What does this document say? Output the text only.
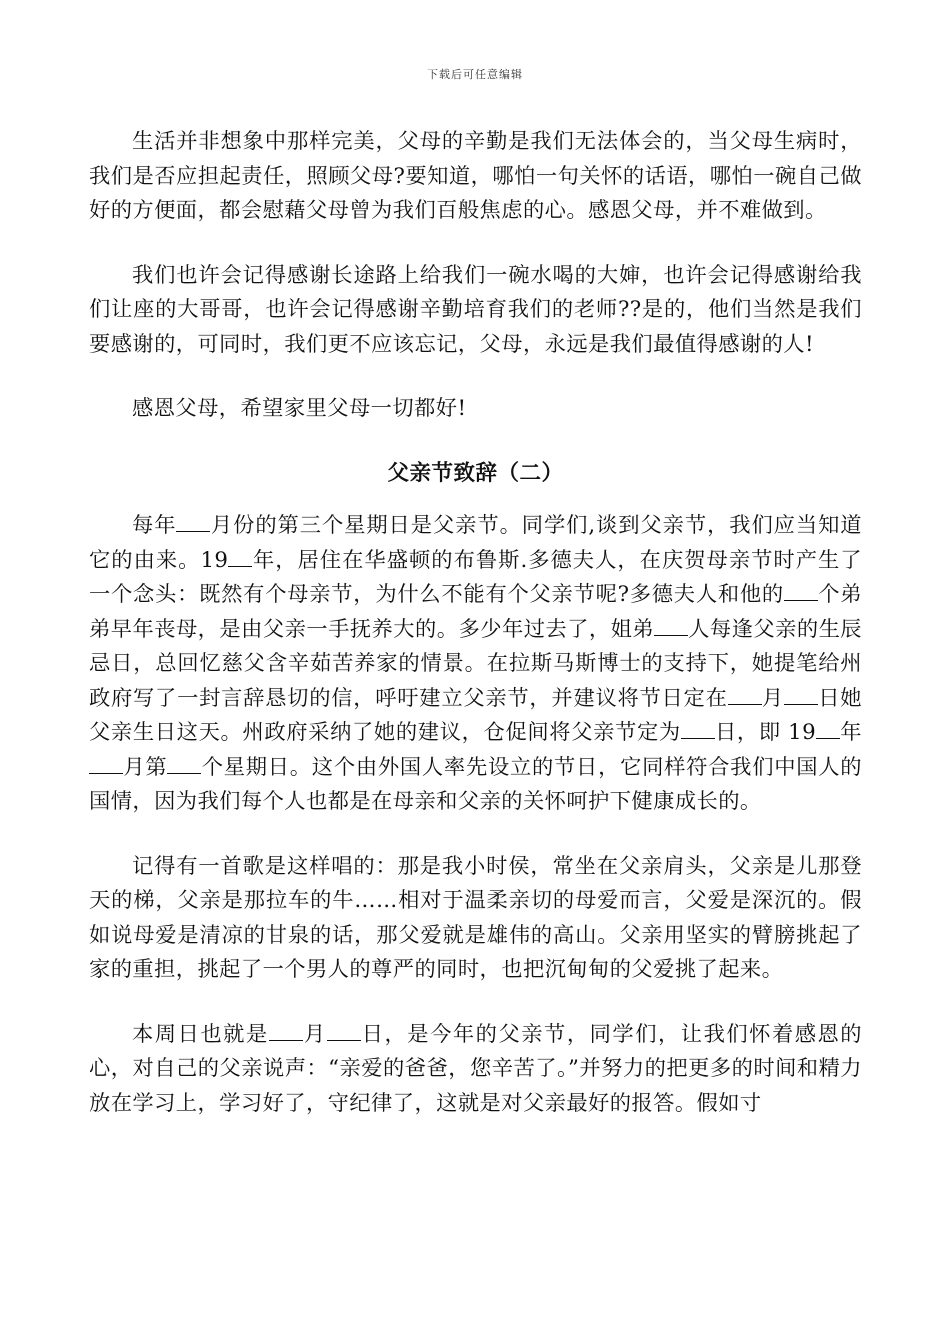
下载后可任意编辑

生活并非想象中那样完美，父母的辛勤是我们无法体会的，当父母生病时，我们是否应担起责任，照顾父母?要知道，哪怕一句关怀的话语，哪怕一碗自己做好的方便面，都会慰藉父母曾为我们百般焦虑的心。感恩父母，并不难做到。

我们也许会记得感谢长途路上给我们一碗水喝的大婶，也许会记得感谢给我们让座的大哥哥，也许会记得感谢辛勤培育我们的老师??是的，他们当然是我们要感谢的，可同时，我们更不应该忘记，父母，永远是我们最值得感谢的人!

感恩父母，希望家里父母一切都好!

父亲节致辞（二）

每年 月份的第三个星期日是父亲节。同学们,谈到父亲节，我们应当知道它的由来。19 年，居住在华盛顿的布鲁斯.多德夫人，在庆贺母亲节时产生了一个念头：既然有个母亲节，为什么不能有个父亲节呢?多德夫人和他的 个弟弟早年丧母，是由父亲一手抚养大的。多少年过去了，姐弟 人每逢父亲的生辰忌日，总回忆慈父含辛茹苦养家的情景。在拉斯马斯博士的支持下，她提笔给州政府写了一封言辞恳切的信，呼吁建立父亲节，并建议将节日定在 月 日她父亲生日这天。州政府采纳了她的建议，仓促间将父亲节定为 日，即 19 年月第 个星期日。这个由外国人率先设立的节日，它同样符合我们中国人的国情，因为我们每个人也都是在母亲和父亲的关怀呵护下健康成长的。

记得有一首歌是这样唱的：那是我小时侯，常坐在父亲肩头，父亲是儿那登天的梯，父亲是那拉车的牛……相对于温柔亲切的母爱而言，父爱是深沉的。假如说母爱是清凉的甘泉的话，那父爱就是雄伟的高山。父亲用坚实的臂膀挑起了家的重担，挑起了一个男人的尊严的同时，也把沉甸甸的父爱挑了起来。

本周日也就是 月 日，是今年的父亲节，同学们，让我们怀着感恩的心，对自己的父亲说声：“亲爱的爸爸，您辛苦了。”并努力的把更多的时间和精力放在学习上，学习好了，守纪律了，这就是对父亲最好的报答。假如寸
